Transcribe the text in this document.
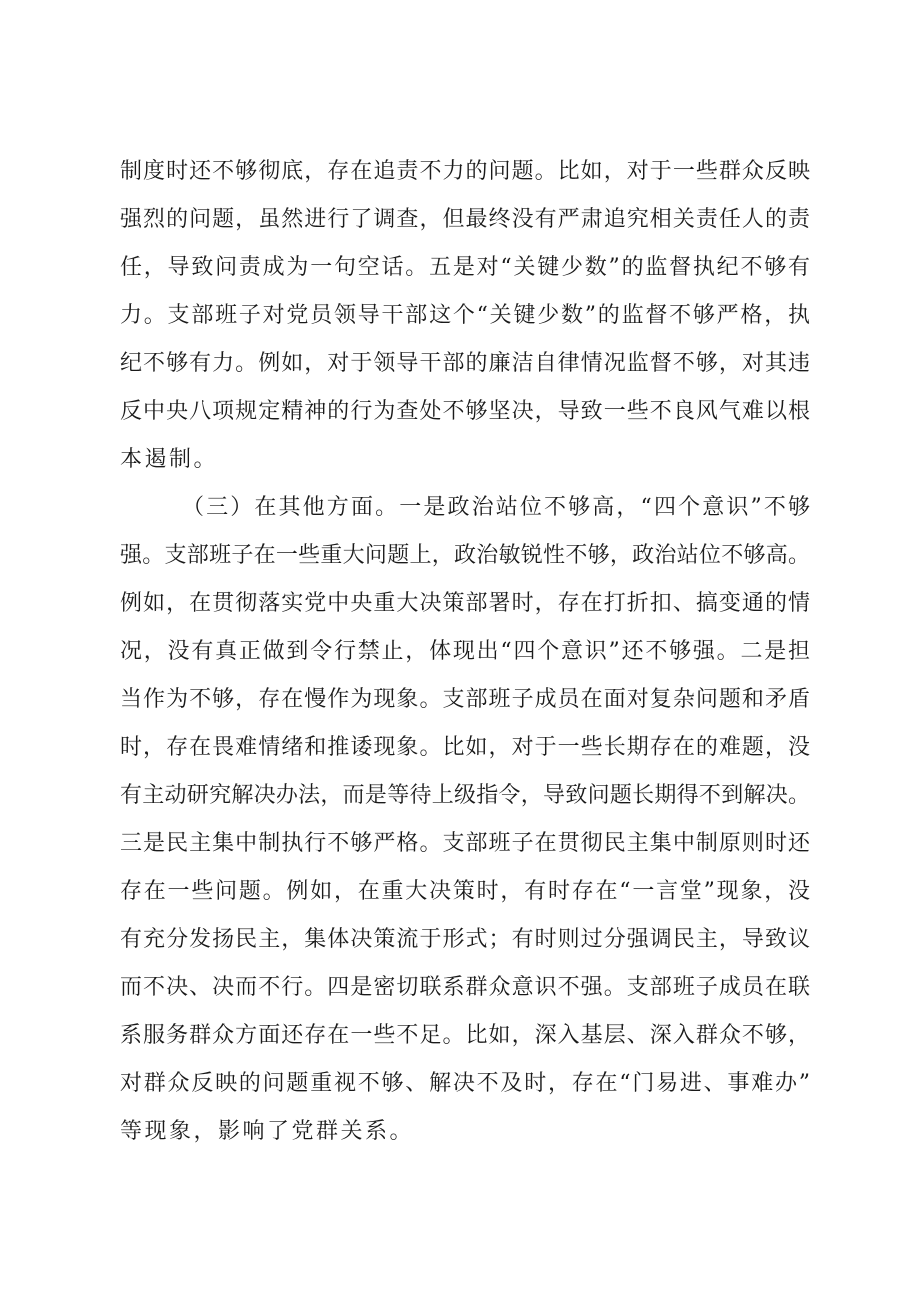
制度时还不够彻底，存在追责不力的问题。比如，对于一些群众反映
强烈的问题，虽然进行了调查，但最终没有严肃追究相关责任人的责
任，导致问责成为一句空话。五是对“关键少数”的监督执纪不够有
力。支部班子对党员领导干部这个“关键少数”的监督不够严格，执
纪不够有力。例如，对于领导干部的廉洁自律情况监督不够，对其违
反中央八项规定精神的行为查处不够坚决，导致一些不良风气难以根
本遏制。
（三）在其他方面。一是政治站位不够高，“四个意识”不够
强。支部班子在一些重大问题上，政治敏锐性不够，政治站位不够高。
例如，在贯彻落实党中央重大决策部署时，存在打折扣、搞变通的情
况，没有真正做到令行禁止，体现出“四个意识”还不够强。二是担
当作为不够，存在慢作为现象。支部班子成员在面对复杂问题和矛盾
时，存在畏难情绪和推诿现象。比如，对于一些长期存在的难题，没
有主动研究解决办法，而是等待上级指令，导致问题长期得不到解决。
三是民主集中制执行不够严格。支部班子在贯彻民主集中制原则时还
存在一些问题。例如，在重大决策时，有时存在“一言堂”现象，没
有充分发扬民主，集体决策流于形式；有时则过分强调民主，导致议
而不决、决而不行。四是密切联系群众意识不强。支部班子成员在联
系服务群众方面还存在一些不足。比如，深入基层、深入群众不够，
对群众反映的问题重视不够、解决不及时，存在“门易进、事难办”
等现象，影响了党群关系。
